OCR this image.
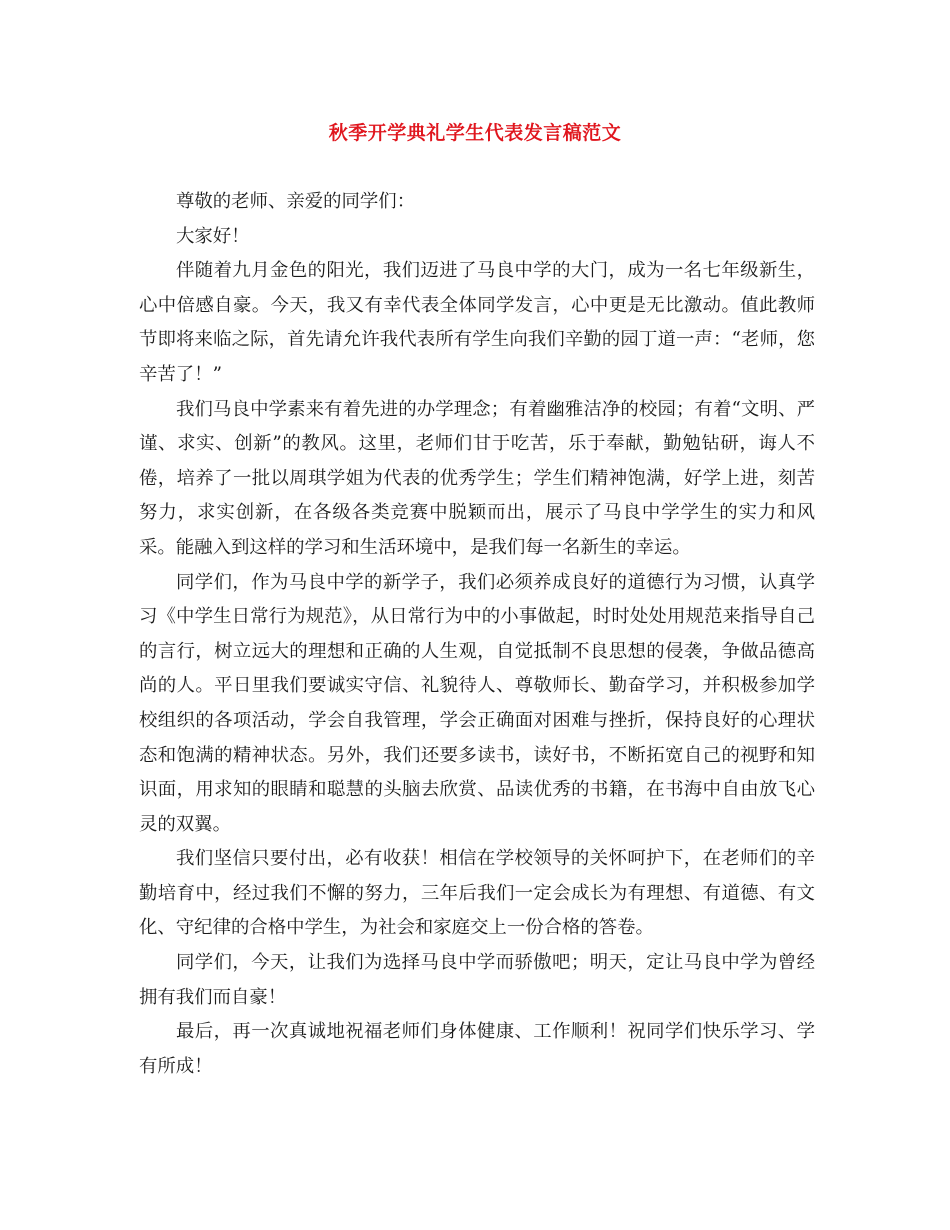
秋季开学典礼学生代表发言稿范文

尊敬的老师、亲爱的同学们：

大家好！

伴随着九月金色的阳光，我们迈进了马良中学的大门，成为一名七年级新生，心中倍感自豪。今天，我又有幸代表全体同学发言，心中更是无比激动。值此教师节即将来临之际，首先请允许我代表所有学生向我们辛勤的园丁道一声：“老师，您辛苦了！”

我们马良中学素来有着先进的办学理念；有着幽雅洁净的校园；有着“文明、严谨、求实、创新”的教风。这里，老师们甘于吃苦，乐于奉献，勤勉钻研，诲人不倦，培养了一批以周琪学姐为代表的优秀学生；学生们精神饱满，好学上进，刻苦努力，求实创新，在各级各类竞赛中脱颖而出，展示了马良中学学生的实力和风采。能融入到这样的学习和生活环境中，是我们每一名新生的幸运。

同学们，作为马良中学的新学子，我们必须养成良好的道德行为习惯，认真学习《中学生日常行为规范》，从日常行为中的小事做起，时时处处用规范来指导自己的言行，树立远大的理想和正确的人生观，自觉抵制不良思想的侵袭，争做品德高尚的人。平日里我们要诚实守信、礼貌待人、尊敬师长、勤奋学习，并积极参加学校组织的各项活动，学会自我管理，学会正确面对困难与挫折，保持良好的心理状态和饱满的精神状态。另外，我们还要多读书，读好书，不断拓宽自己的视野和知识面，用求知的眼睛和聪慧的头脑去欣赏、品读优秀的书籍，在书海中自由放飞心灵的双翼。

我们坚信只要付出，必有收获！相信在学校领导的关怀呵护下，在老师们的辛勤培育中，经过我们不懈的努力，三年后我们一定会成长为有理想、有道德、有文化、守纪律的合格中学生，为社会和家庭交上一份合格的答卷。

同学们，今天，让我们为选择马良中学而骄傲吧；明天，定让马良中学为曾经拥有我们而自豪！

最后，再一次真诚地祝福老师们身体健康、工作顺利！祝同学们快乐学习、学有所成！
